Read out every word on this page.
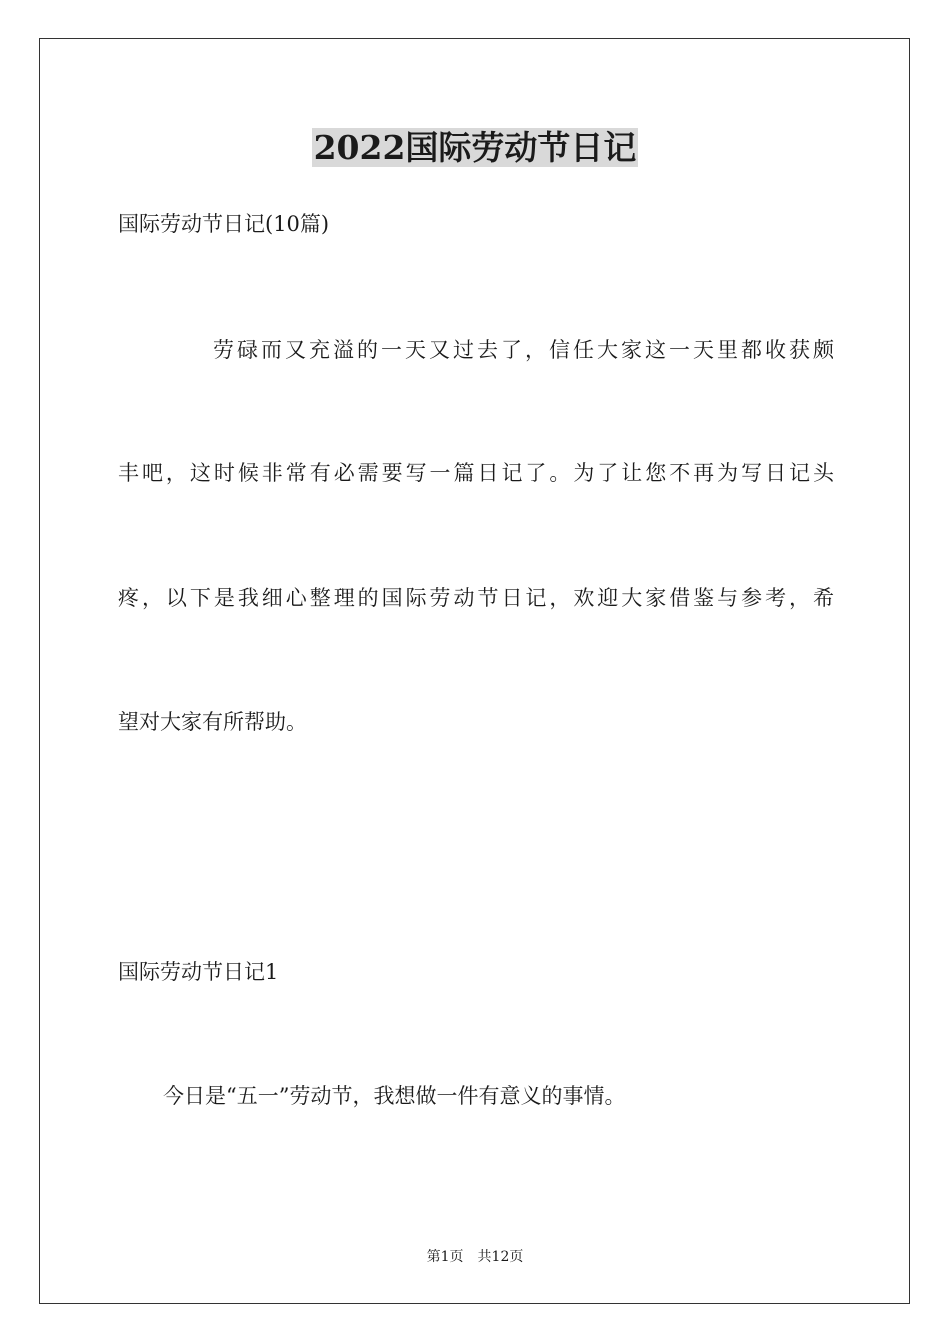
2022国际劳动节日记
国际劳动节日记(10篇)
劳碌而又充溢的一天又过去了，信任大家这一天里都收获颇
丰吧，这时候非常有必需要写一篇日记了。为了让您不再为写日记头
疼，以下是我细心整理的国际劳动节日记，欢迎大家借鉴与参考，希
望对大家有所帮助。
国际劳动节日记1
今日是“五一”劳动节，我想做一件有意义的事情。
第1页 共12页
